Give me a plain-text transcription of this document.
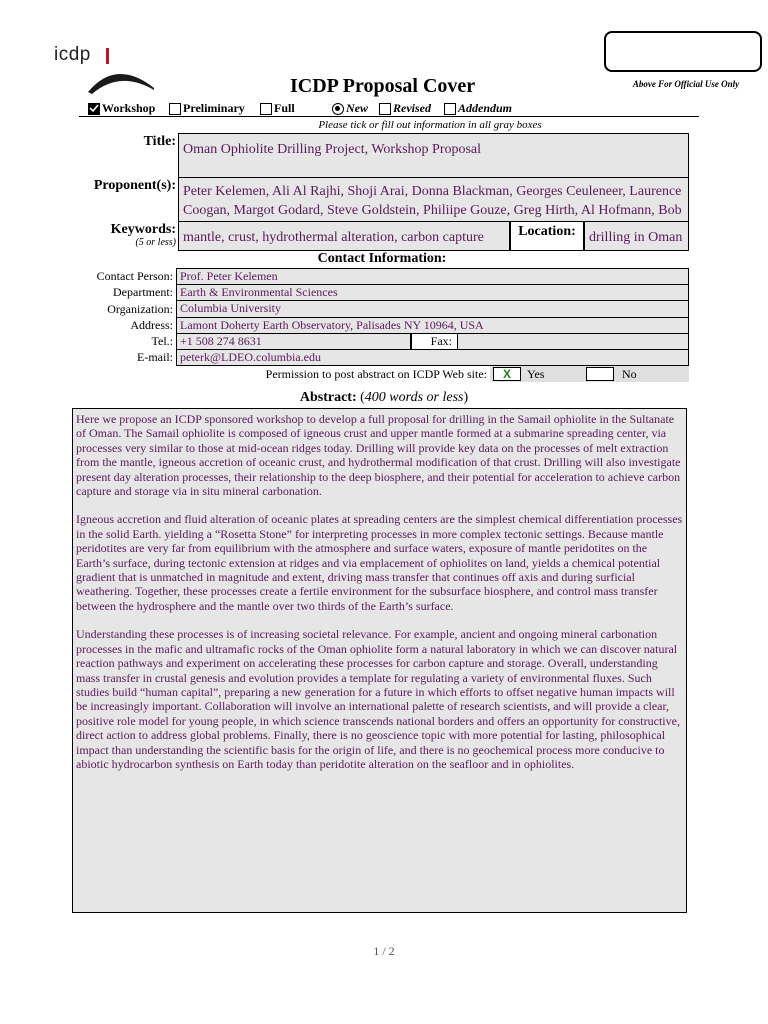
icdp
Above For Official Use Only
ICDP Proposal Cover
Workshop Preliminary Full	New Revised Addendum
Please tick or fill out information in all gray boxes
Title:
Oman Ophiolite Drilling Project, Workshop Proposal
Proponent(s): Peter Kelemen, Ali Al Rajhi, Shoji Arai, Donna Blackman, Georges Ceuleneer, Laurence Coogan, Margot Godard, Steve Goldstein, Philiipe Gouze, Greg Hirth, Al Hofmann, Bob
Keywords:
(5 or less) mantle, crust, hydrothermal alteration, carbon capture	Location: drilling in Oman
Contact Information:
Contact Person: Prof. Peter Kelemen
Department: Earth & Environmental Sciences
Organization: Columbia University
Address: Lamont Doherty Earth Observatory, Palisades NY 10964, USA
Tel.: +1 508 274 8631	Fax:
E-mail: peterk@LDEO.columbia.edu
Permission to post abstract on ICDP Web site:	X	Yes	No
Abstract: (400 words or less)

Here we propose an ICDP sponsored workshop to develop a full proposal for drilling in the Samail ophiolite in the Sultanate of Oman. The Samail ophiolite is composed of igneous crust and upper mantle formed at a submarine spreading center, via processes very similar to those at mid-ocean ridges today. Drilling will provide key data on the processes of melt extraction from the mantle, igneous accretion of oceanic crust, and hydrothermal modification of that crust. Drilling will also investigate present day alteration processes, their relationship to the deep biosphere, and their potential for acceleration to achieve carbon capture and storage via in situ mineral carbonation.

Igneous accretion and fluid alteration of oceanic plates at spreading centers are the simplest chemical differentiation processes in the solid Earth. yielding a “Rosetta Stone” for interpreting processes in more complex tectonic settings. Because mantle peridotites are very far from equilibrium with the atmosphere and surface waters, exposure of mantle peridotites on the Earth’s surface, during tectonic extension at ridges and via emplacement of ophiolites on land, yields a chemical potential gradient that is unmatched in magnitude and extent, driving mass transfer that continues off axis and during surficial weathering. Together, these processes create a fertile environment for the subsurface biosphere, and control mass transfer between the hydrosphere and the mantle over two thirds of the Earth’s surface.

Understanding these processes is of increasing societal relevance. For example, ancient and ongoing mineral carbonation processes in the mafic and ultramafic rocks of the Oman ophiolite form a natural laboratory in which we can discover natural reaction pathways and experiment on accelerating these processes for carbon capture and storage. Overall, understanding mass transfer in crustal genesis and evolution provides a template for regulating a variety of environmental fluxes. Such studies build “human capital”, preparing a new generation for a future in which efforts to offset negative human impacts will be increasingly important. Collaboration will involve an international palette of research scientists, and will provide a clear, positive role model for young people, in which science transcends national borders and offers an opportunity for constructive, direct action to address global problems. Finally, there is no geoscience topic with more potential for lasting, philosophical impact than understanding the scientific basis for the origin of life, and there is no geochemical process more conducive to abiotic hydrocarbon synthesis on Earth today than peridotite alteration on the seafloor and in ophiolites.

1 / 2
